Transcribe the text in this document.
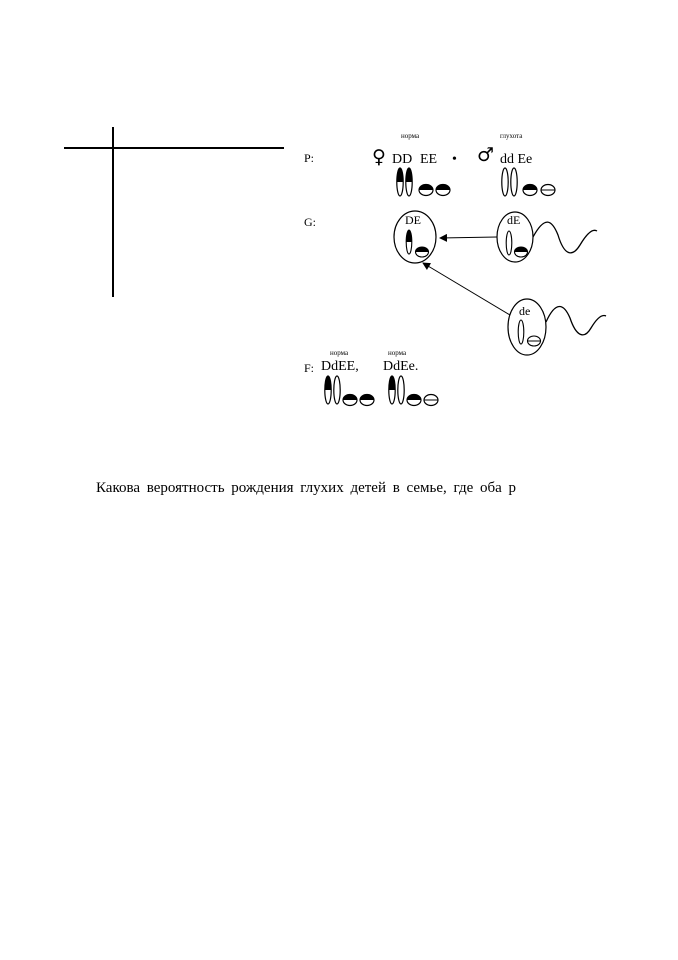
P:
норма
♀ DD EE •
глухота
♂ dd Ee
G:	DE	dE
de
норма	норма
F: DdEE, DdEe.
Какова вероятность рождения глухих детей в семье, где оба р
